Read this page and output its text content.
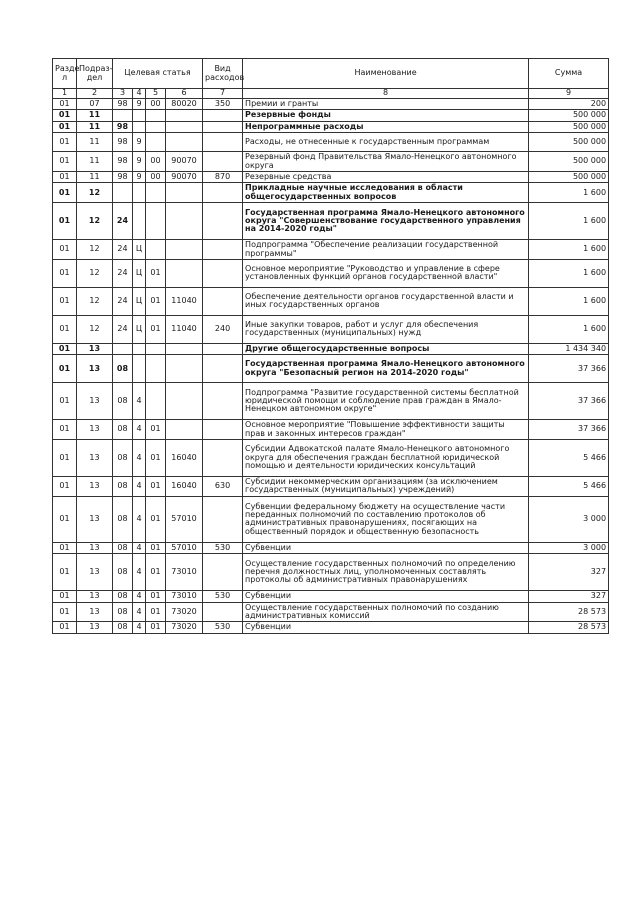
Разде л	Подраз- дел	Целевая статья				Вид расходов	Наименование	Сумма
1	2	3	4	5	6	7	8	9
01	07	98	9	00	80020	350	Премии и гранты	200
01	11						Резервные фонды	500 000
01	11	98					Непрограммные расходы	500 000
01	11	98	9				Расходы, не отнесенные к государственным программам	500 000
01	11	98	9	00	90070		Резервный фонд Правительства Ямало-Ненецкого автономного округа	500 000
01	11	98	9	00	90070	870	Резервные средства	500 000
01	12						Прикладные научные исследования в области общегосударственных вопросов	1 600
01	12	24					Государственная программа Ямало-Ненецкого автономного округа "Совершенствование государственного управления на 2014-2020 годы"	1 600
01	12	24	Ц				Подпрограмма "Обеспечение реализации государственной программы"	1 600
01	12	24	Ц	01			Основное мероприятие "Руководство и управление в сфере установленных функций органов государственной власти"	1 600
01	12	24	Ц	01	11040		Обеспечение деятельности органов государственной власти и иных государственных органов	1 600
01	12	24	Ц	01	11040	240	Иные закупки товаров, работ и услуг для обеспечения государственных (муниципальных) нужд	1 600
01	13						Другие общегосударственные вопросы	1 434 340
01	13	08					Государственная программа Ямало-Ненецкого автономного округа "Безопасный регион на 2014-2020 годы"	37 366
01	13	08	4				Подпрограмма "Развитие государственной системы бесплатной юридической помощи и соблюдение прав граждан в Ямало-Ненецком автономном округе"	37 366
01	13	08	4	01			Основное мероприятие "Повышение эффективности защиты прав и законных интересов граждан"	37 366
01	13	08	4	01	16040		Субсидии Адвокатской палате Ямало-Ненецкого автономного округа для обеспечения граждан бесплатной юридической помощью и деятельности юридических консультаций	5 466
01	13	08	4	01	16040	630	Субсидии некоммерческим организациям (за исключением государственных (муниципальных) учреждений)	5 466
01	13	08	4	01	57010		Субвенции федеральному бюджету на осуществление части переданных полномочий по составлению протоколов об административных правонарушениях, посягающих на общественный порядок и общественную безопасность	3 000
01	13	08	4	01	57010	530	Субвенции	3 000
01	13	08	4	01	73010		Осуществление государственных полномочий по определению перечня должностных лиц, уполномоченных составлять протоколы об административных правонарушениях	327
01	13	08	4	01	73010	530	Субвенции	327
01	13	08	4	01	73020		Осуществление государственных полномочий по созданию административных комиссий	28 573
01	13	08	4	01	73020	530	Субвенции	28 573
